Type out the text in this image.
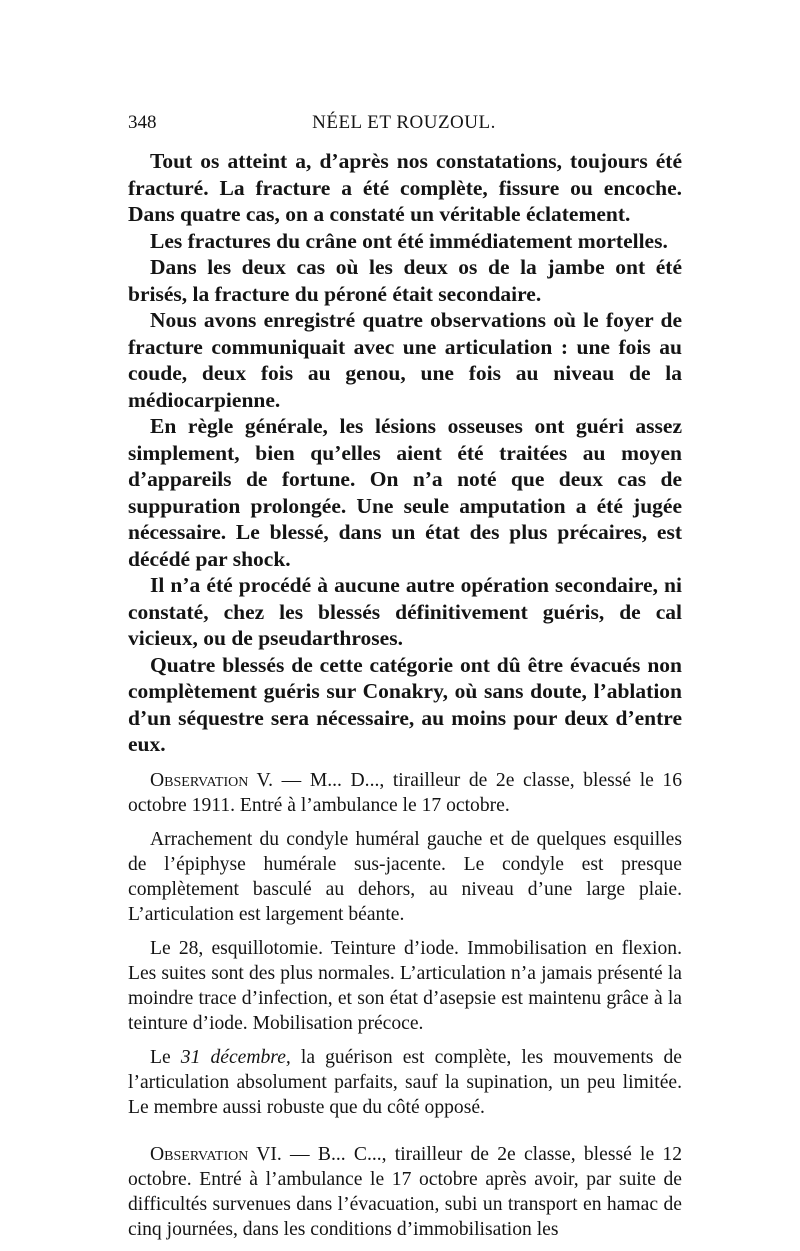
348	NÉEL ET ROUZOUL.

Tout os atteint a, d’après nos constatations, toujours été fracturé. La fracture a été complète, fissure ou encoche. Dans quatre cas, on a constaté un véritable éclatement.

Les fractures du crâne ont été immédiatement mortelles.

Dans les deux cas où les deux os de la jambe ont été brisés, la fracture du péroné était secondaire.

Nous avons enregistré quatre observations où le foyer de fracture communiquait avec une articulation : une fois au coude, deux fois au genou, une fois au niveau de la médiocarpienne.

En règle générale, les lésions osseuses ont guéri assez simplement, bien qu’elles aient été traitées au moyen d’appareils de fortune. On n’a noté que deux cas de suppuration prolongée. Une seule amputation a été jugée nécessaire. Le blessé, dans un état des plus précaires, est décédé par shock.

Il n’a été procédé à aucune autre opération secondaire, ni constaté, chez les blessés définitivement guéris, de cal vicieux, ou de pseudarthroses.

Quatre blessés de cette catégorie ont dû être évacués non complètement guéris sur Conakry, où sans doute, l’ablation d’un séquestre sera nécessaire, au moins pour deux d’entre eux.

Observation V. — M... D..., tirailleur de 2e classe, blessé le 16 octobre 1911. Entré à l’ambulance le 17 octobre.

Arrachement du condyle huméral gauche et de quelques esquilles de l’épiphyse humérale sus-jacente. Le condyle est presque complètement basculé au dehors, au niveau d’une large plaie. L’articulation est largement béante.

Le 28, esquillotomie. Teinture d’iode. Immobilisation en flexion. Les suites sont des plus normales. L’articulation n’a jamais présenté la moindre trace d’infection, et son état d’asepsie est maintenu grâce à la teinture d’iode. Mobilisation précoce.

Le 31 décembre, la guérison est complète, les mouvements de l’articulation absolument parfaits, sauf la supination, un peu limitée. Le membre aussi robuste que du côté opposé.

Observation VI. — B... C..., tirailleur de 2e classe, blessé le 12 octobre. Entré à l’ambulance le 17 octobre après avoir, par suite de difficultés survenues dans l’évacuation, subi un transport en hamac de cinq journées, dans les conditions d’immobilisation les
